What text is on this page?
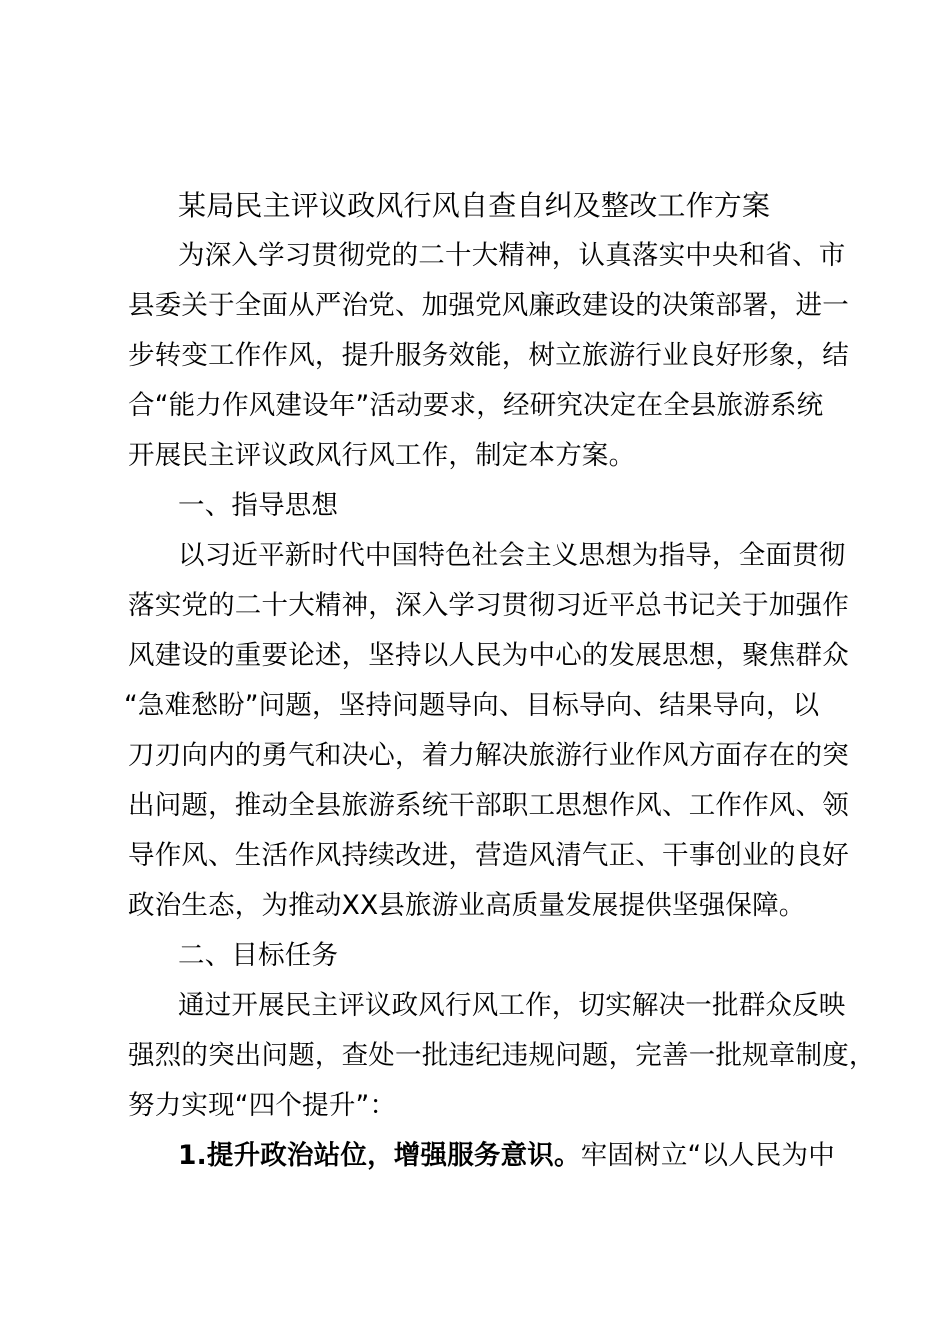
某局民主评议政风行风自查自纠及整改工作方案
为深入学习贯彻党的二十大精神，认真落实中央和省、市
县委关于全面从严治党、加强党风廉政建设的决策部署，进一
步转变工作作风，提升服务效能，树立旅游行业良好形象，结
合“能力作风建设年”活动要求，经研究决定在全县旅游系统
开展民主评议政风行风工作，制定本方案。
一、指导思想
以习近平新时代中国特色社会主义思想为指导，全面贯彻
落实党的二十大精神，深入学习贯彻习近平总书记关于加强作
风建设的重要论述，坚持以人民为中心的发展思想，聚焦群众
“急难愁盼”问题，坚持问题导向、目标导向、结果导向，以
刀刃向内的勇气和决心，着力解决旅游行业作风方面存在的突
出问题，推动全县旅游系统干部职工思想作风、工作作风、领
导作风、生活作风持续改进，营造风清气正、干事创业的良好
政治生态，为推动XX县旅游业高质量发展提供坚强保障。
二、目标任务
通过开展民主评议政风行风工作，切实解决一批群众反映
强烈的突出问题，查处一批违纪违规问题，完善一批规章制度，
努力实现“四个提升”：
1.提升政治站位，增强服务意识。牢固树立“以人民为中
